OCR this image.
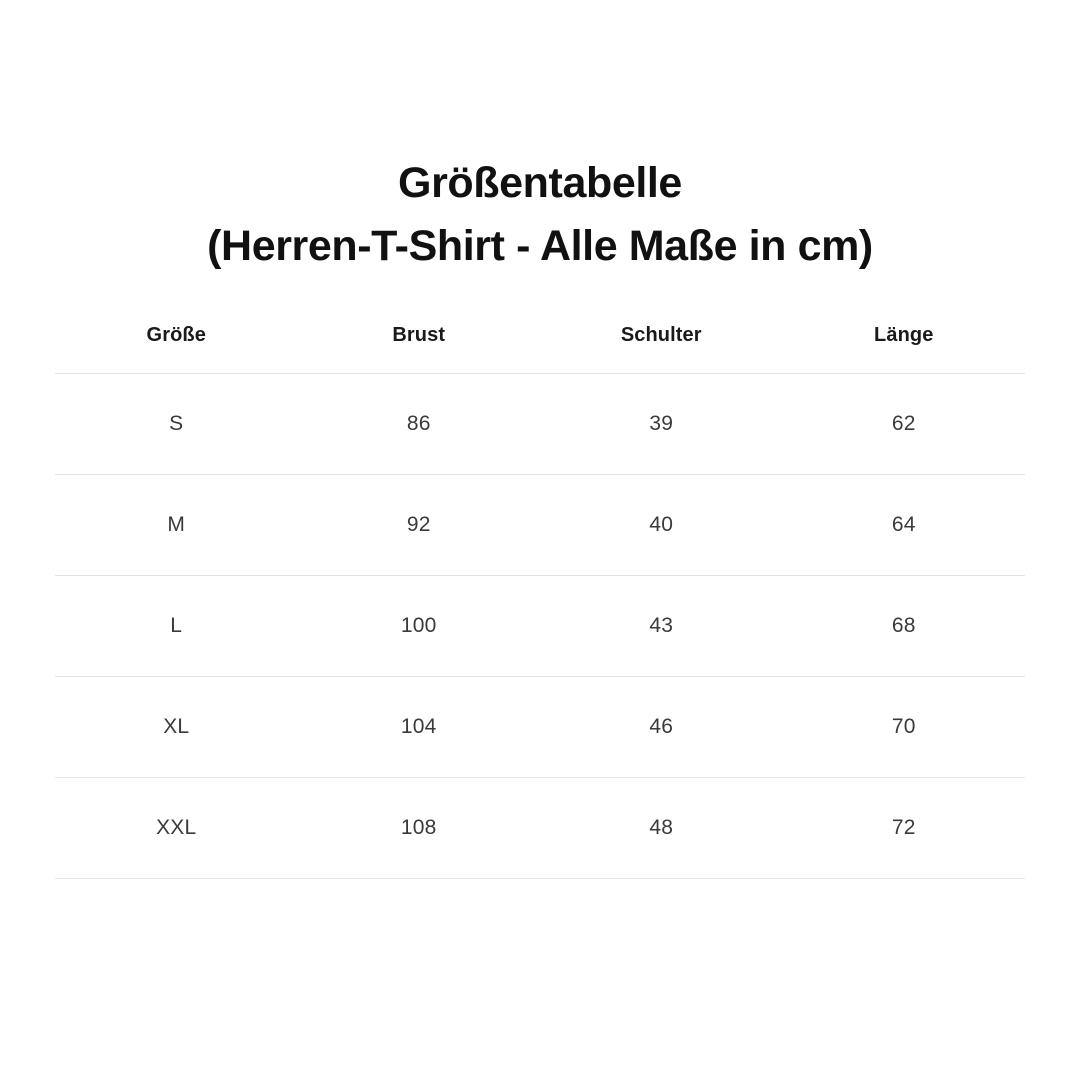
Größentabelle
(Herren-T-Shirt - Alle Maße in cm)
Größe	Brust	Schulter	Länge
S	86	39	62
M	92	40	64
L	100	43	68
XL	104	46	70
XXL	108	48	72
